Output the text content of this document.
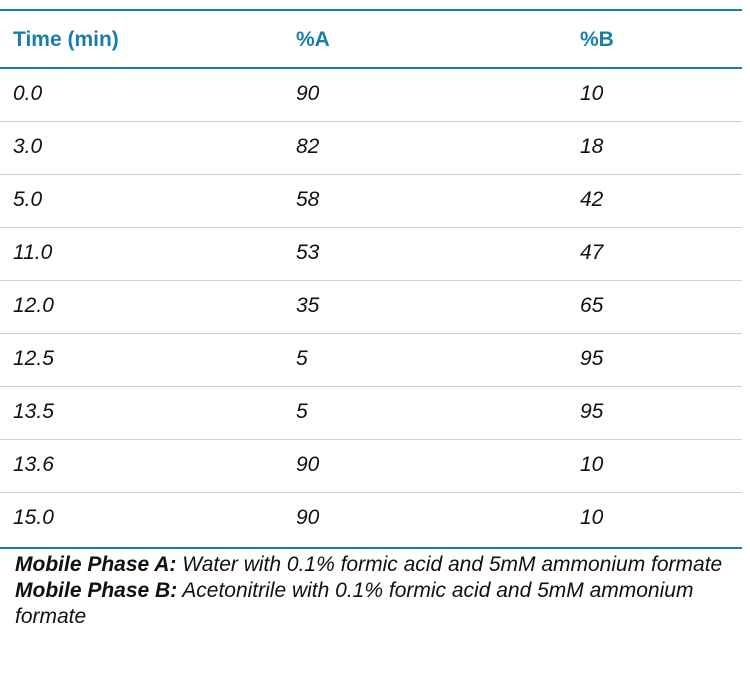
Time (min)	%A	%B
0.0	90	10
3.0	82	18
5.0	58	42
11.0	53	47
12.0	35	65
12.5	5	95
13.5	5	95
13.6	90	10
15.0	90	10

Mobile Phase A: Water with 0.1% formic acid and 5mM ammonium formate

Mobile Phase B: Acetonitrile with 0.1% formic acid and 5mM ammonium formate
